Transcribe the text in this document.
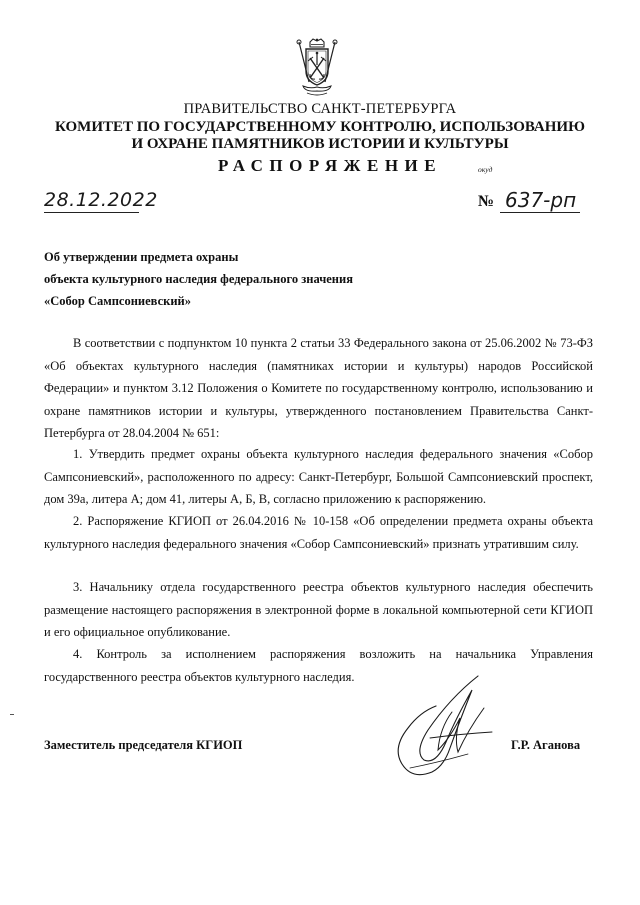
ПРАВИТЕЛЬСТВО САНКТ-ПЕТЕРБУРГА
КОМИТЕТ ПО ГОСУДАРСТВЕННОМУ КОНТРОЛЮ, ИСПОЛЬЗОВАНИЮ
И ОХРАНЕ ПАМЯТНИКОВ ИСТОРИИ И КУЛЬТУРЫ
РАСПОРЯЖЕНИЕ	окуд
28.12.2022	№ 637-рп
Об утверждении предмета охраны
объекта культурного наследия федерального значения
«Собор Сампсониевский»
В соответствии с подпунктом 10 пункта 2 статьи 33 Федерального закона от 25.06.2002 № 73-ФЗ «Об объектах культурного наследия (памятниках истории и культуры) народов Российской Федерации» и пунктом 3.12 Положения о Комитете по государственному контролю, использованию и охране памятников истории и культуры, утвержденного постановлением Правительства Санкт-Петербурга от 28.04.2004 № 651:
1. Утвердить предмет охраны объекта культурного наследия федерального значения «Собор Сампсониевский», расположенного по адресу: Санкт-Петербург, Большой Сампсониевский проспект, дом 39а, литера А; дом 41, литеры А, Б, В, согласно приложению к распоряжению.
2. Распоряжение КГИОП от 26.04.2016 № 10-158 «Об определении предмета охраны объекта культурного наследия федерального значения «Собор Сампсониевский» признать утратившим силу.
3. Начальнику отдела государственного реестра объектов культурного наследия обеспечить размещение настоящего распоряжения в электронной форме в локальной компьютерной сети КГИОП и его официальное опубликование.
4. Контроль за исполнением распоряжения возложить на начальника Управления государственного реестра объектов культурного наследия.
Заместитель председателя КГИОП	Г.Р. Аганова
